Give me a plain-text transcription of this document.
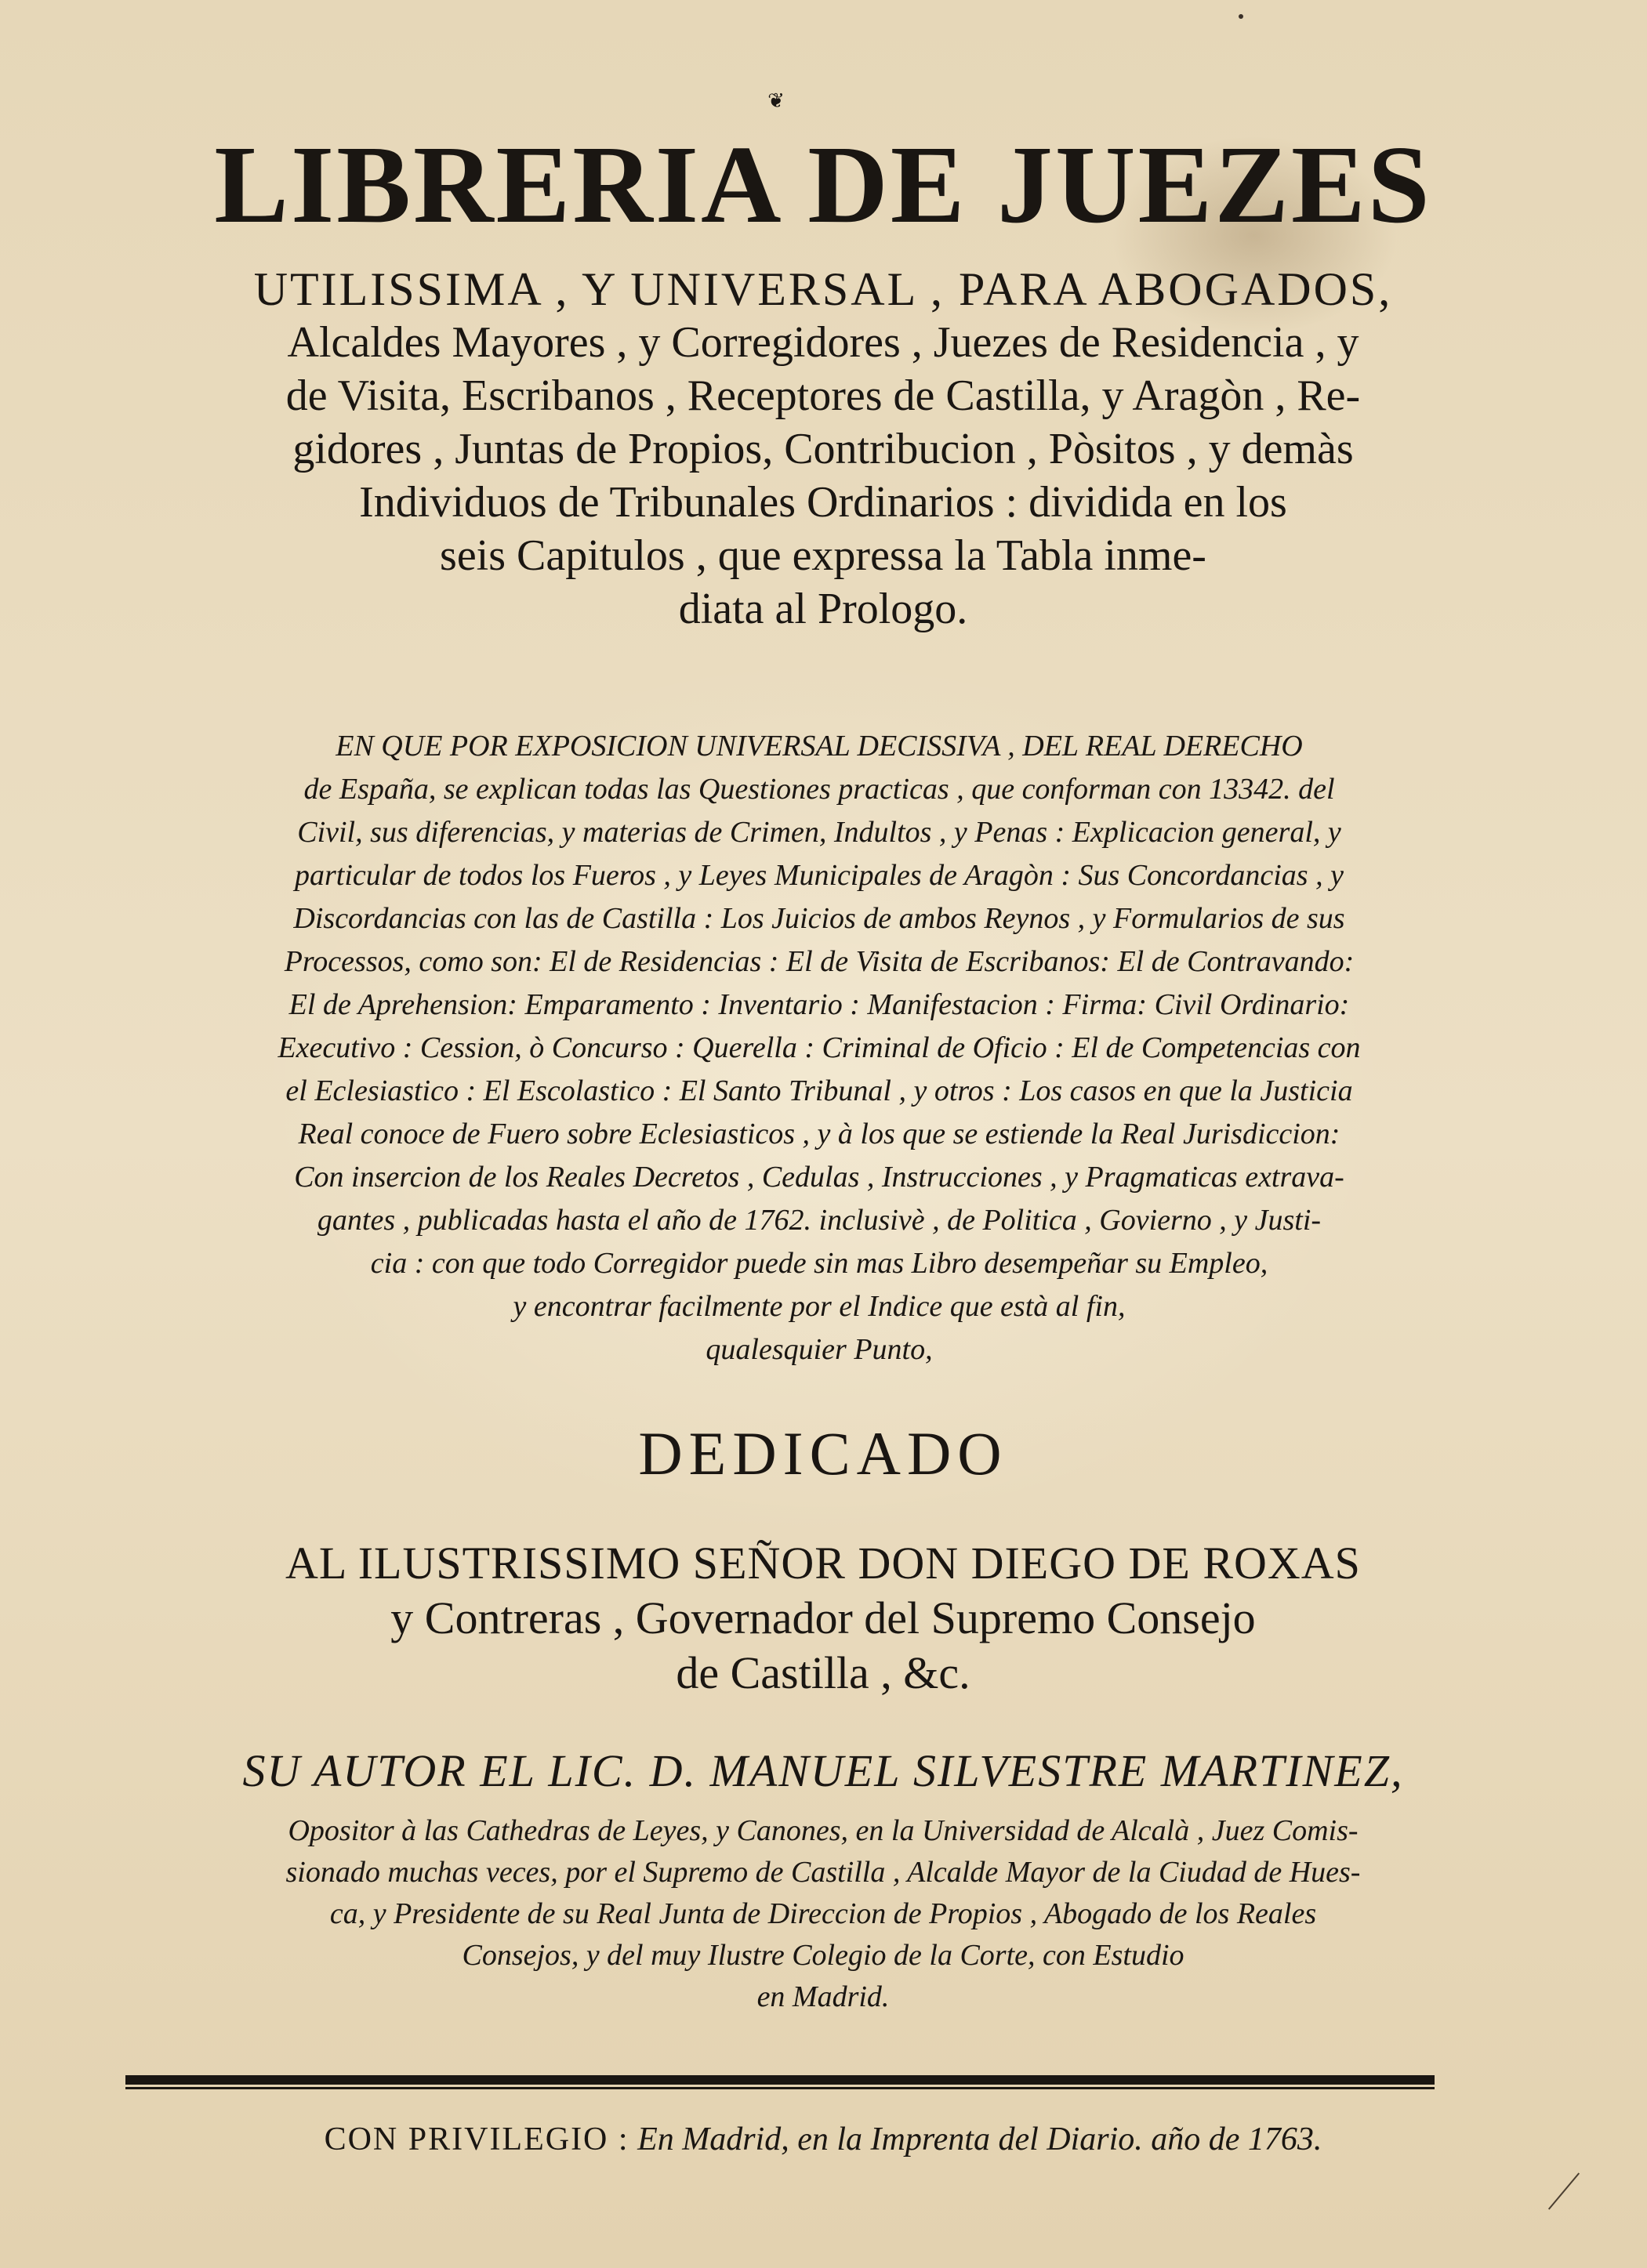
❦
LIBRERIA DE JUEZES
UTILISSIMA , Y UNIVERSAL , PARA ABOGADOS,
Alcaldes Mayores , y Corregidores , Juezes de Residencia , y
de Visita, Escribanos , Receptores de Castilla, y Aragòn , Re-
gidores , Juntas de Propios, Contribucion , Pòsitos , y demàs
Individuos de Tribunales Ordinarios : dividida en los
seis Capitulos , que expressa la Tabla inme-
diata al Prologo.
EN QUE POR EXPOSICION UNIVERSAL DECISSIVA , DEL REAL DERECHO
de España, se explican todas las Questiones practicas , que conforman con 13342. del
Civil, sus diferencias, y materias de Crimen, Indultos , y Penas : Explicacion general, y
particular de todos los Fueros , y Leyes Municipales de Aragòn : Sus Concordancias , y
Discordancias con las de Castilla : Los Juicios de ambos Reynos , y Formularios de sus
Processos, como son: El de Residencias : El de Visita de Escribanos: El de Contravando:
El de Aprehension: Emparamento : Inventario : Manifestacion : Firma: Civil Ordinario:
Executivo : Cession, ò Concurso : Querella : Criminal de Oficio : El de Competencias con
el Eclesiastico : El Escolastico : El Santo Tribunal , y otros : Los casos en que la Justicia
Real conoce de Fuero sobre Eclesiasticos , y à los que se estiende la Real Jurisdiccion:
Con insercion de los Reales Decretos , Cedulas , Instrucciones , y Pragmaticas extrava-
gantes , publicadas hasta el año de 1762. inclusivè , de Politica , Govierno , y Justi-
cia : con que todo Corregidor puede sin mas Libro desempeñar su Empleo,
y encontrar facilmente por el Indice que està al fin,
qualesquier Punto,
DEDICADO
AL ILUSTRISSIMO SEÑOR DON DIEGO DE ROXAS
y Contreras , Governador del Supremo Consejo
de Castilla , &c.
SU AUTOR EL LIC. D. MANUEL SILVESTRE MARTINEZ,
Opositor à las Cathedras de Leyes, y Canones, en la Universidad de Alcalà , Juez Comis-
sionado muchas veces, por el Supremo de Castilla , Alcalde Mayor de la Ciudad de Hues-
ca, y Presidente de su Real Junta de Direccion de Propios , Abogado de los Reales
Consejos, y del muy Ilustre Colegio de la Corte, con Estudio
en Madrid.
CON PRIVILEGIO : En Madrid, en la Imprenta del Diario. año de 1763.
